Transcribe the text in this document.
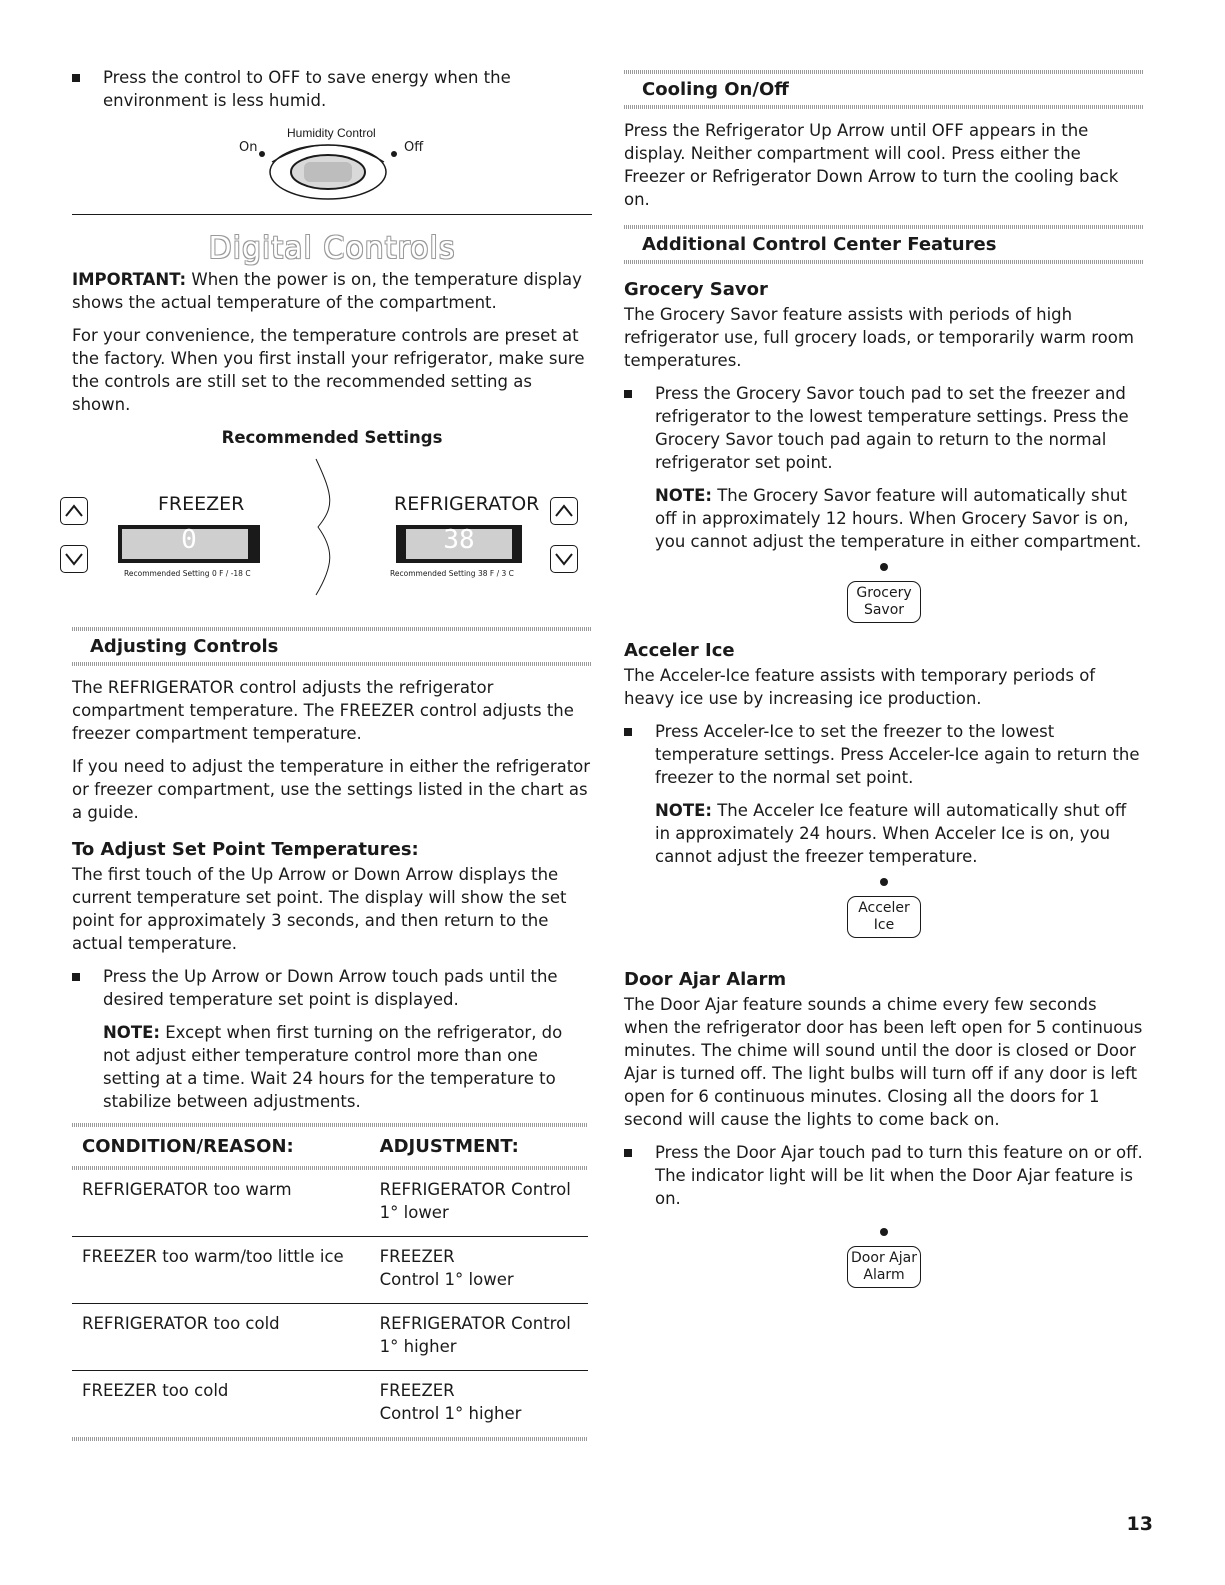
Press the control to OFF to save energy when the environment is less humid.
Humidity Control
On	Off
Digital Controls

IMPORTANT: When the power is on, the temperature display shows the actual temperature of the compartment.

For your convenience, the temperature controls are preset at the factory. When you first install your refrigerator, make sure the controls are still set to the recommended setting as shown.

Recommended Settings
FREEZER
0
Recommended Setting 0 F / -18 C
REFRIGERATOR
38
Recommended Setting 38 F / 3 C
Adjusting Controls

The REFRIGERATOR control adjusts the refrigerator compartment temperature. The FREEZER control adjusts the freezer compartment temperature.

If you need to adjust the temperature in either the refrigerator or freezer compartment, use the settings listed in the chart as a guide.

To Adjust Set Point Temperatures:

The first touch of the Up Arrow or Down Arrow displays the current temperature set point. The display will show the set point for approximately 3 seconds, and then return to the actual temperature.

Press the Up Arrow or Down Arrow touch pads until the desired temperature set point is displayed.
NOTE: Except when first turning on the refrigerator, do not adjust either temperature control more than one setting at a time. Wait 24 hours for the temperature to stabilize between adjustments.
CONDITION/REASON:	ADJUSTMENT:
REFRIGERATOR too warm	REFRIGERATOR Control
1° lower
FREEZER too warm/too little ice	FREEZER
Control 1° lower
REFRIGERATOR too cold	REFRIGERATOR Control
1° higher
FREEZER too cold	FREEZER
Control 1° higher
Cooling On/Off

Press the Refrigerator Up Arrow until OFF appears in the display. Neither compartment will cool. Press either the Freezer or Refrigerator Down Arrow to turn the cooling back on.

Additional Control Center Features
Grocery Savor

The Grocery Savor feature assists with periods of high refrigerator use, full grocery loads, or temporarily warm room temperatures.

Press the Grocery Savor touch pad to set the freezer and refrigerator to the lowest temperature settings. Press the Grocery Savor touch pad again to return to the normal refrigerator set point.
NOTE: The Grocery Savor feature will automatically shut off in approximately 12 hours. When Grocery Savor is on, you cannot adjust the temperature in either compartment.
Grocery
Savor
Acceler Ice

The Acceler-Ice feature assists with temporary periods of heavy ice use by increasing ice production.

Press Acceler-Ice to set the freezer to the lowest temperature settings. Press Acceler-Ice again to return the freezer to the normal set point.
NOTE: The Acceler Ice feature will automatically shut off in approximately 24 hours. When Acceler Ice is on, you cannot adjust the freezer temperature.
Acceler
Ice
Door Ajar Alarm

The Door Ajar feature sounds a chime every few seconds when the refrigerator door has been left open for 5 continuous minutes. The chime will sound until the door is closed or Door Ajar is turned off. The light bulbs will turn off if any door is left open for 6 continuous minutes. Closing all the doors for 1 second will cause the lights to come back on.

Press the Door Ajar touch pad to turn this feature on or off. The indicator light will be lit when the Door Ajar feature is on.
Door Ajar
Alarm
13
